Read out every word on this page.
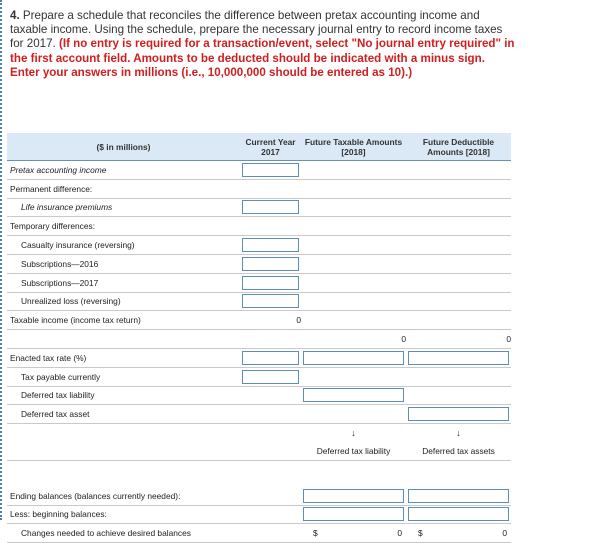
4. Prepare a schedule that reconciles the difference between pretax accounting income and taxable income. Using the schedule, prepare the necessary journal entry to record income taxes for 2017. (If no entry is required for a transaction/event, select "No journal entry required" in the first account field. Amounts to be deducted should be indicated with a minus sign. Enter your answers in millions (i.e., 10,000,000 should be entered as 10).)
($ in millions)	Current Year 2017	Future Taxable Amounts [2018]	Future Deductible Amounts [2018]
Pretax accounting income	

Permanent difference:			
Life insurance premiums	

Temporary differences:			
Casualty insurance (reversing)	

Subscriptions—2016	

Subscriptions—2017	

Unrealized loss (reversing)	

Taxable income (income tax return)	0		
		0	0
Enacted tax rate (%)	

Tax payable currently	

Deferred tax liability		

Deferred tax asset			

		↓	↓
		Deferred tax liability	Deferred tax assets

Ending balances (balances currently needed):		

Less: beginning balances:		

Changes needed to achieve desired balances		$ 0	$ 0
